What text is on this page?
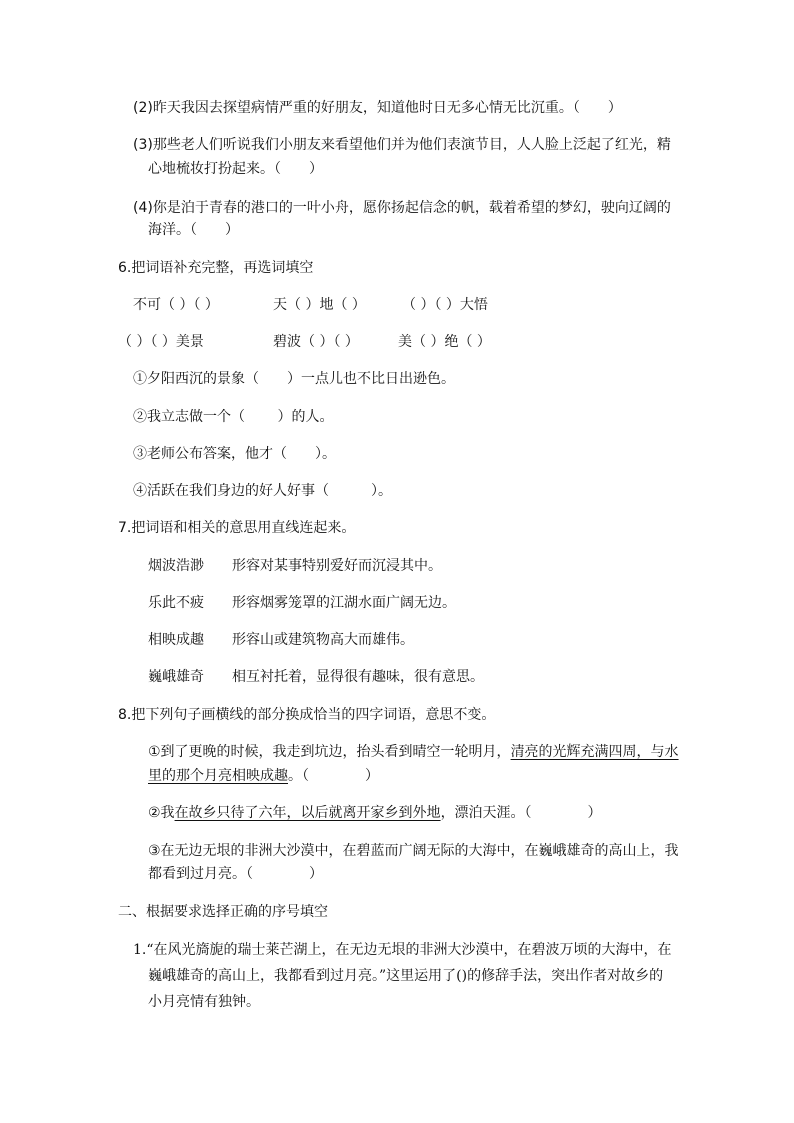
(2)昨天我因去探望病情严重的好朋友，知道他时日无多心情无比沉重。（　　）
(3)那些老人们听说我们小朋友来看望他们并为他们表演节目，人人脸上泛起了红光，精
心地梳妆打扮起来。（　　）
(4)你是泊于青春的港口的一叶小舟，愿你扬起信念的帆，载着希望的梦幻，驶向辽阔的
海洋。（　　）
6.把词语补充完整，再选词填空
不可（ ）（ ）	天（ ）地（ ）	（ ）（ ）大悟
（ ）（ ）美景	碧波（ ）（ ）	美（ ）绝（ ）
①夕阳西沉的景象（　　）一点儿也不比日出逊色。
②我立志做一个（　　 ）的人。
③老师公布答案，他才（　　）。
④活跃在我们身边的好人好事（　　　）。
7.把词语和相关的意思用直线连起来。
烟波浩渺 形容对某事特别爱好而沉浸其中。
乐此不疲 形容烟雾笼罩的江湖水面广阔无边。
相映成趣 形容山或建筑物高大而雄伟。
巍峨雄奇 相互衬托着，显得很有趣味，很有意思。
8.把下列句子画横线的部分换成恰当的四字词语，意思不变。
①到了更晚的时候，我走到坑边，抬头看到晴空一轮明月，清亮的光辉充满四周，与水
里的那个月亮相映成趣。（　　　　）
②我在故乡只待了六年，以后就离开家乡到外地，漂泊天涯。（　　　　）
③在无边无垠的非洲大沙漠中，在碧蓝而广阔无际的大海中，在巍峨雄奇的高山上，我
都看到过月亮。（　　　　）
二、根据要求选择正确的序号填空
1.“在风光旖旎的瑞士莱芒湖上，在无边无垠的非洲大沙漠中，在碧波万顷的大海中，在
巍峨雄奇的高山上，我都看到过月亮。”这里运用了()的修辞手法，突出作者对故乡的
小月亮情有独钟。
